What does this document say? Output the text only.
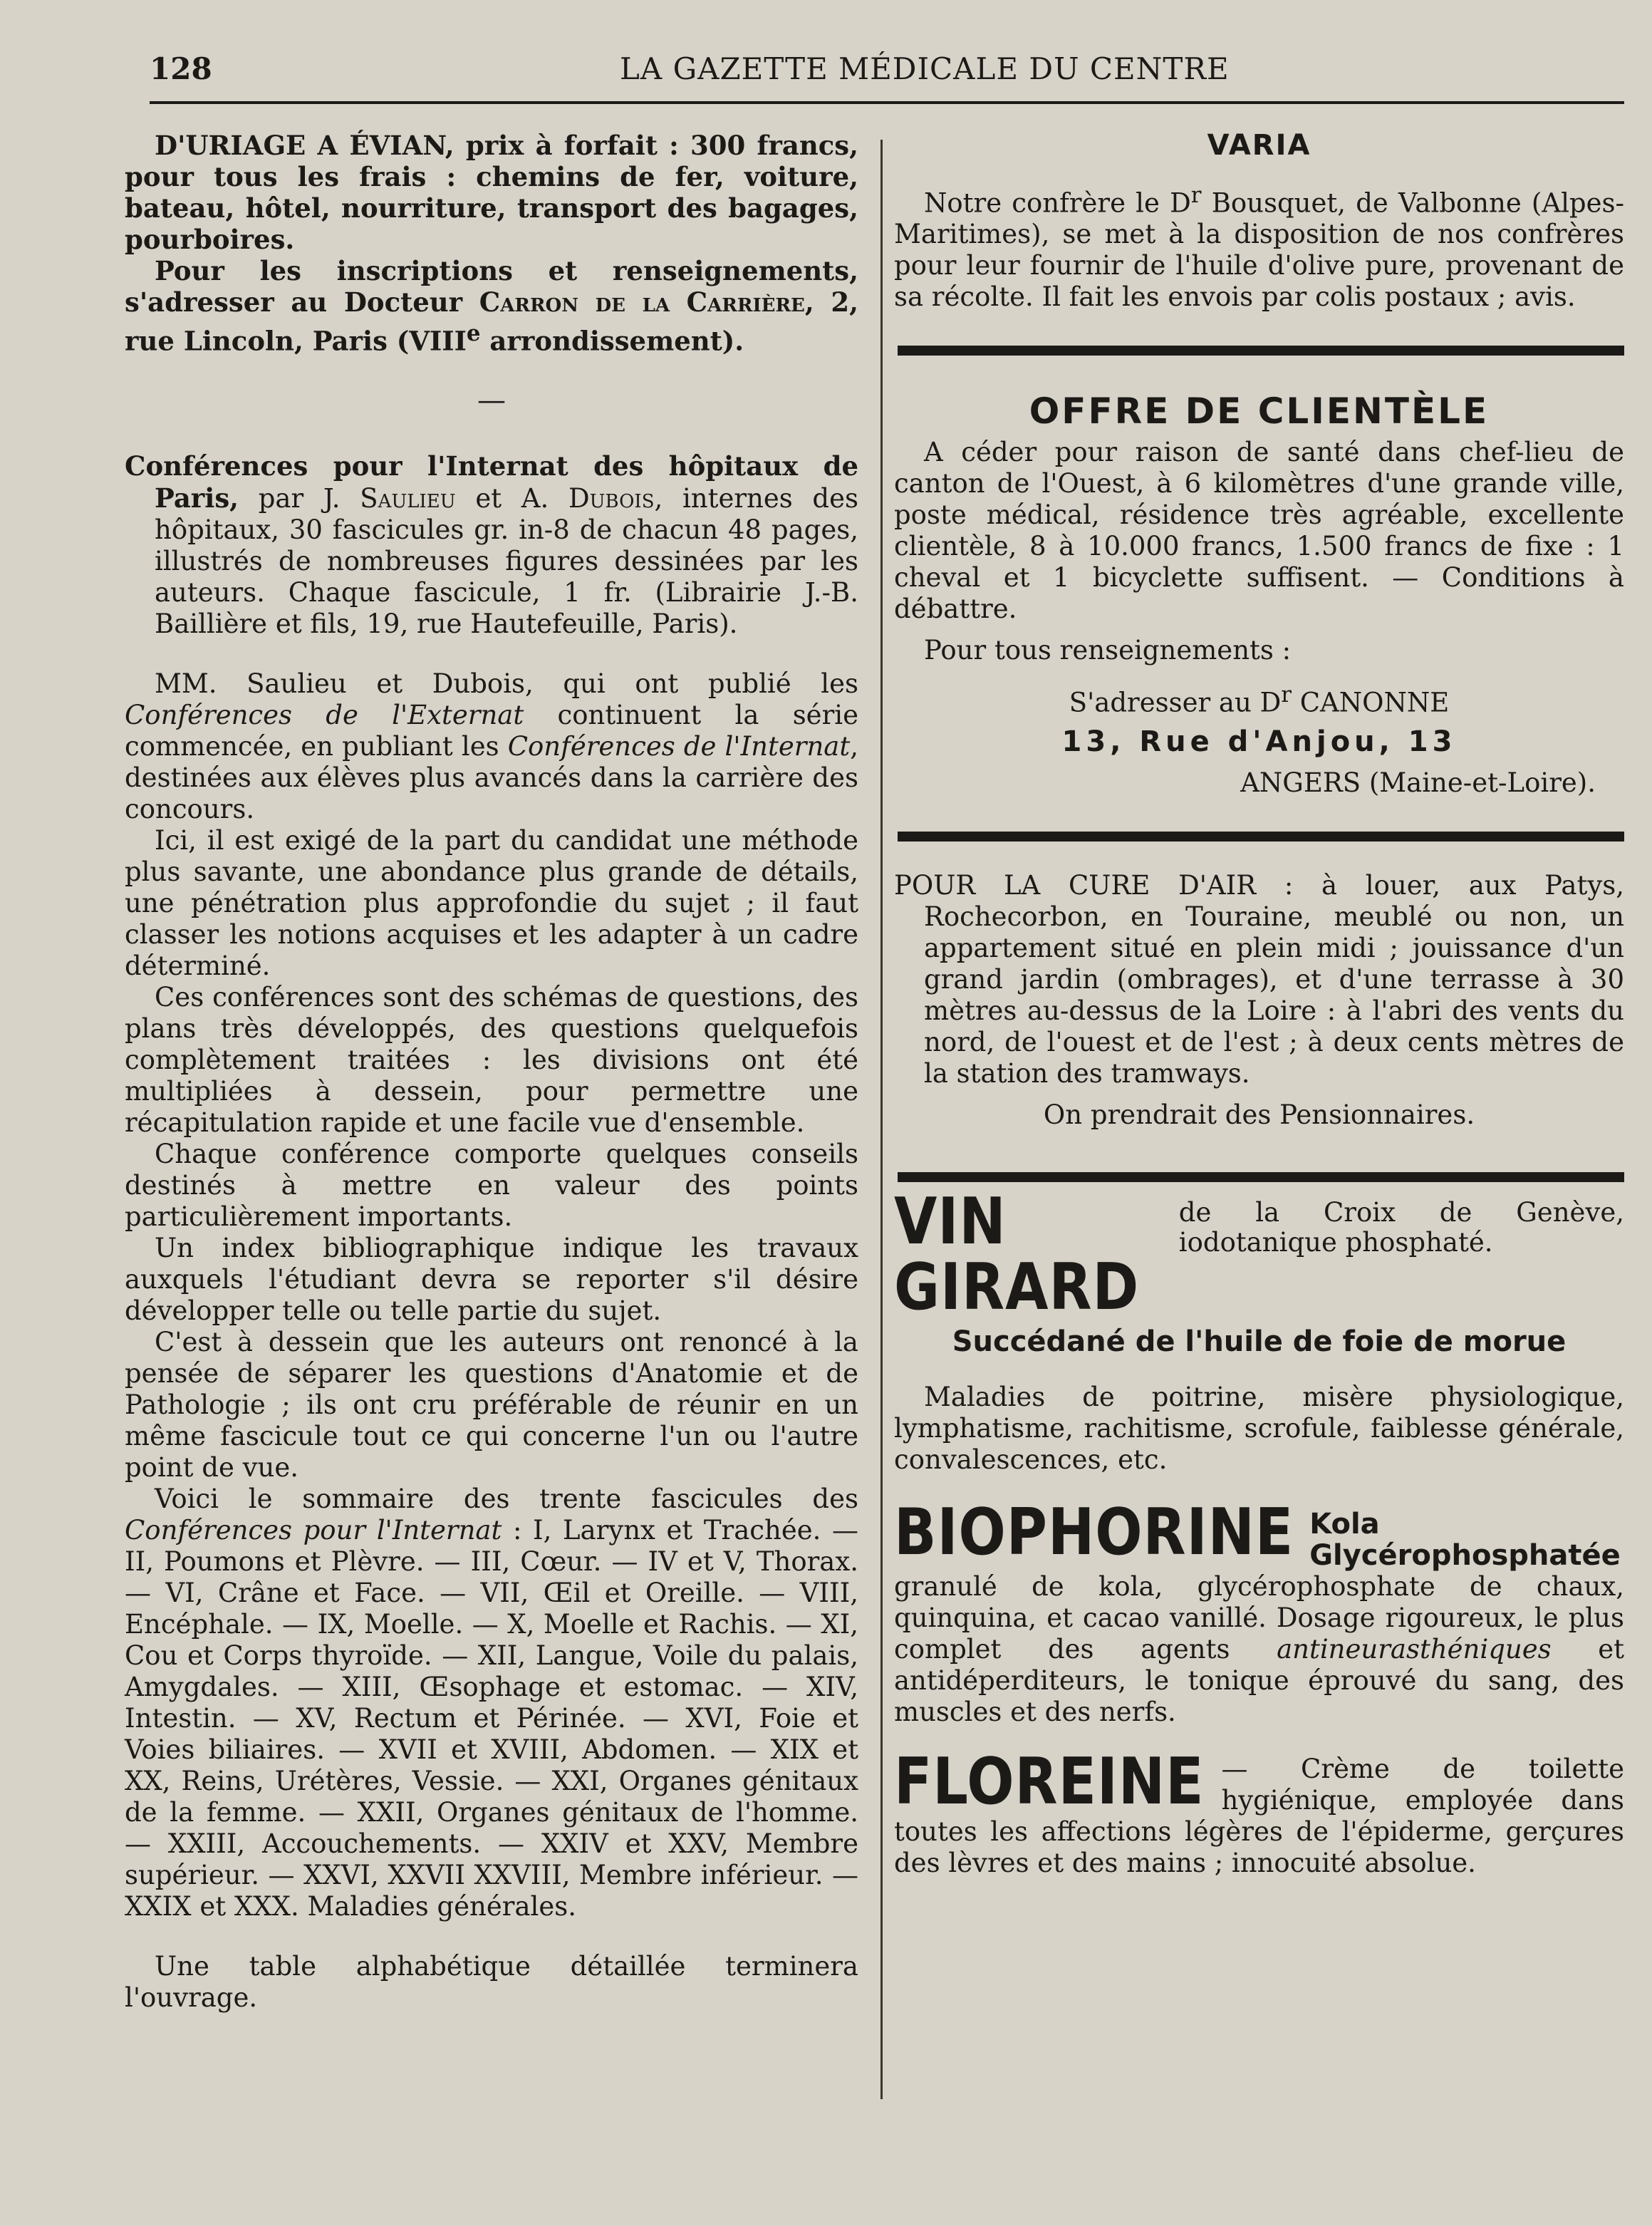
128	LA GAZETTE MÉDICALE DU CENTRE

D'URIAGE A ÉVIAN, prix à forfait : 300 francs, pour tous les frais : chemins de fer, voiture, bateau, hôtel, nourriture, transport des bagages, pourboires.

Pour les inscriptions et renseignements, s'adresser au Docteur Carron de la Carrière, 2, rue Lincoln, Paris (VIIIe arrondissement).

—

Conférences pour l'Internat des hôpitaux de Paris, par J. Saulieu et A. Dubois, internes des hôpitaux, 30 fascicules gr. in-8 de chacun 48 pages, illustrés de nombreuses figures dessinées par les auteurs. Chaque fascicule, 1 fr. (Librairie J.-B. Baillière et fils, 19, rue Hautefeuille, Paris).

MM. Saulieu et Dubois, qui ont publié les Conférences de l'Externat continuent la série commencée, en publiant les Conférences de l'Internat, destinées aux élèves plus avancés dans la carrière des concours.

Ici, il est exigé de la part du candidat une méthode plus savante, une abondance plus grande de détails, une pénétration plus approfondie du sujet ; il faut classer les notions acquises et les adapter à un cadre déterminé.

Ces conférences sont des schémas de questions, des plans très développés, des questions quelquefois complètement traitées : les divisions ont été multipliées à dessein, pour permettre une récapitulation rapide et une facile vue d'ensemble.

Chaque conférence comporte quelques conseils destinés à mettre en valeur des points particulièrement importants.

Un index bibliographique indique les travaux auxquels l'étudiant devra se reporter s'il désire développer telle ou telle partie du sujet.

C'est à dessein que les auteurs ont renoncé à la pensée de séparer les questions d'Anatomie et de Pathologie ; ils ont cru préférable de réunir en un même fascicule tout ce qui concerne l'un ou l'autre point de vue.

Voici le sommaire des trente fascicules des Conférences pour l'Internat : I, Larynx et Trachée. — II, Poumons et Plèvre. — III, Cœur. — IV et V, Thorax. — VI, Crâne et Face. — VII, Œil et Oreille. — VIII, Encéphale. — IX, Moelle. — X, Moelle et Rachis. — XI, Cou et Corps thyroïde. — XII, Langue, Voile du palais, Amygdales. — XIII, Œsophage et estomac. — XIV, Intestin. — XV, Rectum et Périnée. — XVI, Foie et Voies biliaires. — XVII et XVIII, Abdomen. — XIX et XX, Reins, Urétères, Vessie. — XXI, Organes génitaux de la femme. — XXII, Organes génitaux de l'homme. — XXIII, Accouchements. — XXIV et XXV, Membre supérieur. — XXVI, XXVII XXVIII, Membre inférieur. — XXIX et XXX. Maladies générales.

Une table alphabétique détaillée terminera l'ouvrage.

VARIA

Notre confrère le $D^r$ Bousquet, de Valbonne (Alpes-Maritimes), se met à la disposition de nos confrères pour leur fournir de l'huile d'olive pure, provenant de sa récolte. Il fait les envois par colis postaux ; avis.

OFFRE DE CLIENTÈLE

A céder pour raison de santé dans chef-lieu de canton de l'Ouest, à 6 kilomètres d'une grande ville, poste médical, résidence très agréable, excellente clientèle, 8 à 10.000 francs, 1.500 francs de fixe : 1 cheval et 1 bicyclette suffisent. — Conditions à débattre.

Pour tous renseignements :

S'adresser au $D^r$ CANONNE

13, Rue d'Anjou, 13

ANGERS (Maine-et-Loire).

POUR LA CURE D'AIR : à louer, aux Patys, Rochecorbon, en Touraine, meublé ou non, un appartement situé en plein midi ; jouissance d'un grand jardin (ombrages), et d'une terrasse à 30 mètres au-dessus de la Loire : à l'abri des vents du nord, de l'ouest et de l'est ; à deux cents mètres de la station des tramways.

On prendrait des Pensionnaires.

VIN GIRARD
de la Croix de Genève, iodotanique phosphaté.
Succédané de l'huile de foie de morue

Maladies de poitrine, misère physiologique, lymphatisme, rachitisme, scrofule, faiblesse générale, convalescences, etc.

BIOPHORINE Kola Glycérophosphatée

granulé de kola, glycérophosphate de chaux, quinquina, et cacao vanillé. Dosage rigoureux, le plus complet des agents antineurasthéniques et antidéperditeurs, le tonique éprouvé du sang, des muscles et des nerfs.

FLOREINE — Crème de toilette hygiénique, employée dans toutes les affections légères de l'épiderme, gerçures des lèvres et des mains ; innocuité absolue.
